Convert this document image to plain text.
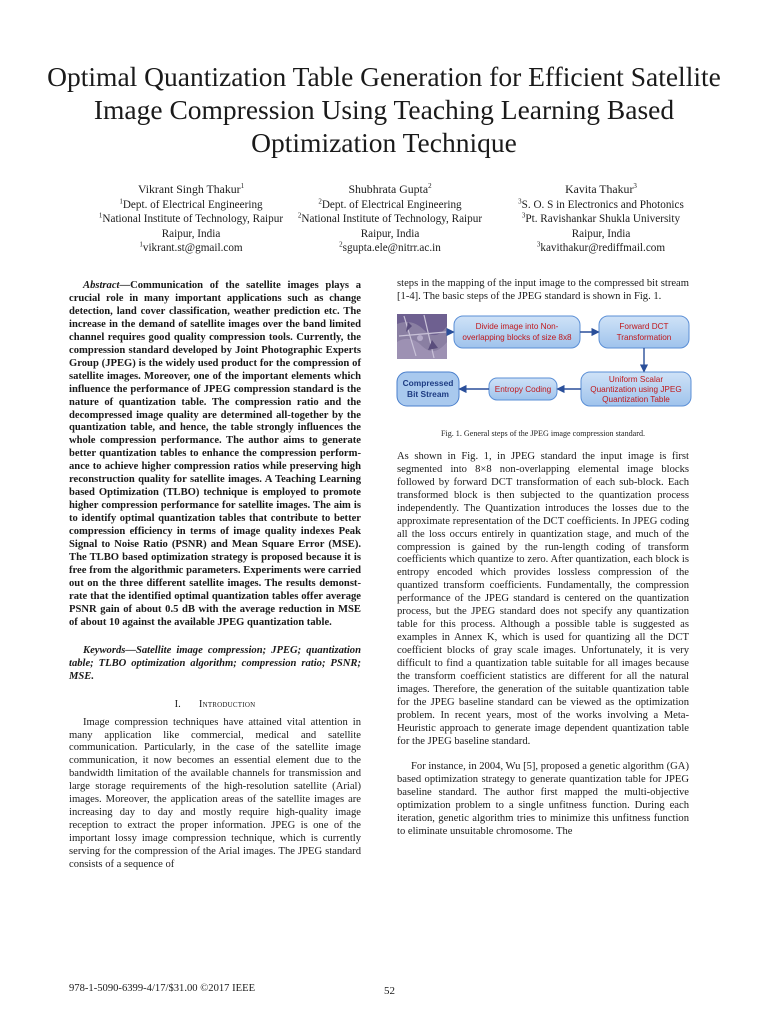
Optimal Quantization Table Generation for Efficient Satellite Image Compression Using Teaching Learning Based Optimization Technique
Vikrant Singh Thakur$^1$
$^1$Dept. of Electrical Engineering
$^1$National Institute of Technology, Raipur
Raipur, India
$^1$vikrant.st@gmail.com
Shubhrata Gupta$^2$
$^2$Dept. of Electrical Engineering
$^2$National Institute of Technology, Raipur
Raipur, India
$^2$sgupta.ele@nitrr.ac.in
Kavita Thakur$^3$
$^3$S. O. S in Electronics and Photonics
$^3$Pt. Ravishankar Shukla University
Raipur, India
$^3$kavithakur@rediffmail.com

Abstract—Communication of the satellite images plays a crucial role in many important applications such as change detection, land cover classification, weather prediction etc. The increase in the demand of satellite images over the band limited channel requires good quality compression tools. Currently, the compression standard developed by Joint Photographic Experts Group (JPEG) is the widely used product for the compression of satellite images. Moreover, one of the important elements which influence the performance of JPEG compression standard is the nature of quantization table. The compression ratio and the decompressed image quality are determined all-together by the quantization table, and hence, the table strongly influences the whole compression performance. The author aims to generate better quantization tables to enhance the compression perform-ance to achieve higher compression ratios while preserving high reconstruction quality for satellite images. A Teaching Learning based Optimization (TLBO) technique is employed to promote higher compression performance for satellite images. The aim is to identify optimal quantization tables that contribute to better compression efficiency in terms of image quality indexes Peak Signal to Noise Ratio (PSNR) and Mean Square Error (MSE). The TLBO based optimization strategy is proposed because it is free from the algorithmic parameters. Experiments were carried out on the three different satellite images. The results demonst-rate that the identified optimal quantization tables offer average PSNR gain of about 0.5 dB with the average reduction in MSE of about 10 against the available JPEG quantization table.

Keywords—Satellite image compression; JPEG; quantization table; TLBO optimization algorithm; compression ratio; PSNR; MSE.

I. Introduction

Image compression techniques have attained vital attention in many application like commercial, medical and satellite communication. Particularly, in the case of the satellite image communication, it now becomes an essential element due to the bandwidth limitation of the available channels for transmission and large storage requirements of the high-resolution satellite (Arial) images. Moreover, the application areas of the satellite images are increasing day to day and mostly require high-quality image reception to extract the proper information. JPEG is one of the important lossy image compression technique, which is currently serving for the compression of the Arial images. The JPEG standard consists of a sequence of

steps in the mapping of the input image to the compressed bit stream [1-4]. The basic steps of the JPEG standard is shown in Fig. 1.

Divide image into Non-
overlapping blocks of size 8x8
Forward DCT
Transformation
Uniform Scalar
Quantization using JPEG
Quantization Table
Entropy Coding
Compressed
Bit Stream

Fig. 1. General steps of the JPEG image compression standard.

As shown in Fig. 1, in JPEG standard the input image is first segmented into 8×8 non-overlapping elemental image blocks followed by forward DCT transformation of each sub-block. Each transformed block is then subjected to the quantization process independently. The Quantization introduces the losses due to the approximate representation of the DCT coefficients. In JPEG coding all the loss occurs entirely in quantization stage, and much of the compression is gained by the run-length coding of transform coefficients which quantize to zero. After quantization, each block is entropy encoded which provides lossless compression of the quantized transform coefficients. Fundamentally, the compression performance of the JPEG standard is centered on the quantization process, but the JPEG standard does not specify any quantization table for this process. Although a possible table is suggested as examples in Annex K, which is used for quantizing all the DCT coefficient blocks of gray scale images. Unfortunately, it is very difficult to find a quantization table suitable for all images because the transform coefficient statistics are different for all the natural images. Therefore, the generation of the suitable quantization table for the JPEG baseline standard can be viewed as the optimization problem. In recent years, most of the works involving a Meta-Heuristic approach to generate image dependent quantization table for the JPEG baseline standard.

For instance, in 2004, Wu [5], proposed a genetic algorithm (GA) based optimization strategy to generate quantization table for JPEG baseline standard. The author first mapped the multi-objective optimization problem to a single unfitness function. During each iteration, genetic algorithm tries to minimize this unfitness function to eliminate unsuitable chromosome. The

978-1-5090-6399-4/17/$31.00 ©2017 IEEE	52
